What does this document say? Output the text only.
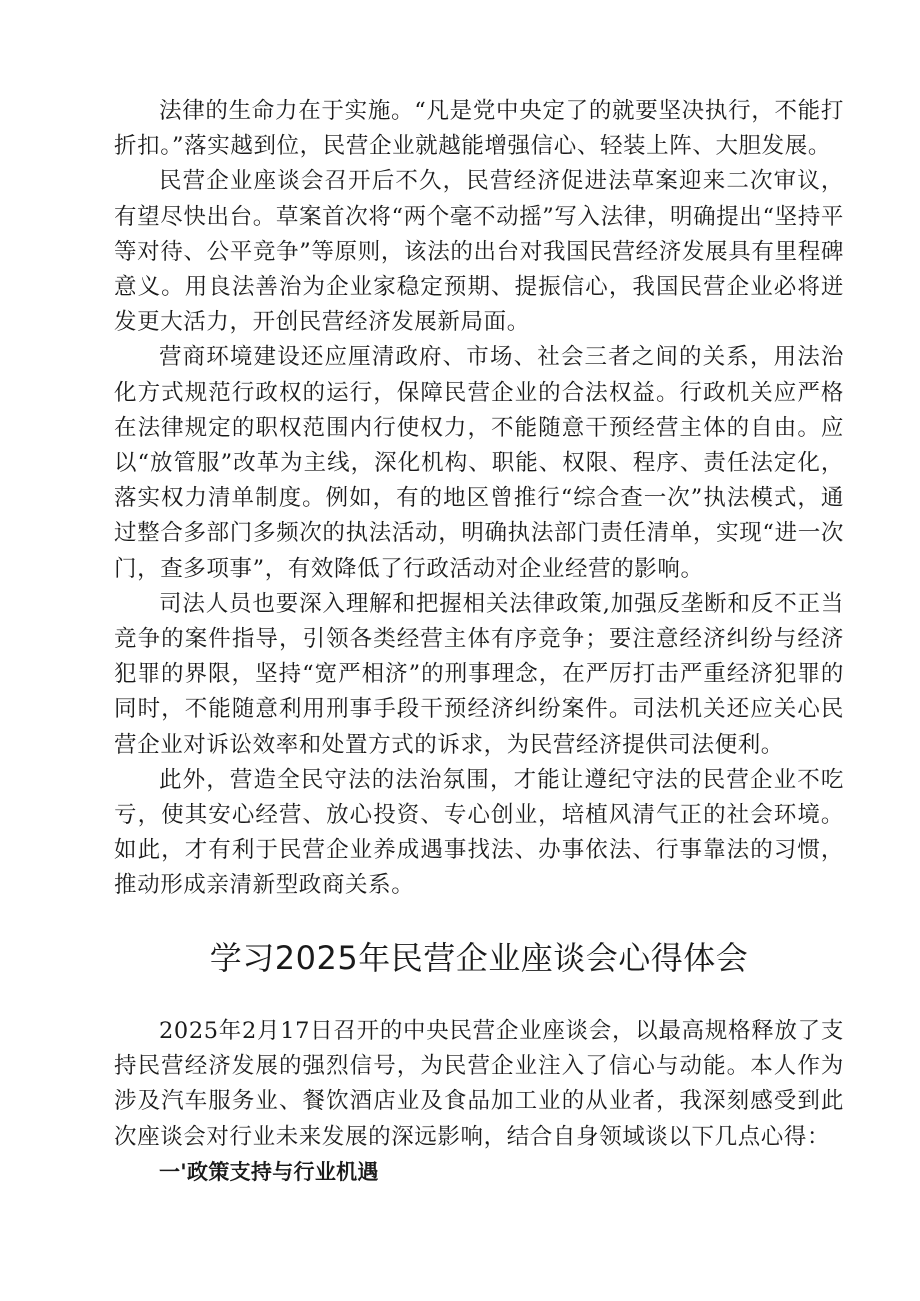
法律的生命力在于实施。“凡是党中央定了的就要坚决执行，不能打折扣。”落实越到位，民营企业就越能增强信心、轻装上阵、大胆发展。

民营企业座谈会召开后不久，民营经济促进法草案迎来二次审议，有望尽快出台。草案首次将“两个毫不动摇”写入法律，明确提出“坚持平等对待、公平竞争”等原则，该法的出台对我国民营经济发展具有里程碑意义。用良法善治为企业家稳定预期、提振信心，我国民营企业必将迸发更大活力，开创民营经济发展新局面。

营商环境建设还应厘清政府、市场、社会三者之间的关系，用法治化方式规范行政权的运行，保障民营企业的合法权益。行政机关应严格在法律规定的职权范围内行使权力，不能随意干预经营主体的自由。应以“放管服”改革为主线，深化机构、职能、权限、程序、责任法定化，落实权力清单制度。例如，有的地区曾推行“综合查一次”执法模式，通过整合多部门多频次的执法活动，明确执法部门责任清单，实现“进一次门，查多项事”，有效降低了行政活动对企业经营的影响。

司法人员也要深入理解和把握相关法律政策,加强反垄断和反不正当竞争的案件指导，引领各类经营主体有序竞争；要注意经济纠纷与经济犯罪的界限，坚持“宽严相济”的刑事理念，在严厉打击严重经济犯罪的同时，不能随意利用刑事手段干预经济纠纷案件。司法机关还应关心民营企业对诉讼效率和处置方式的诉求，为民营经济提供司法便利。

此外，营造全民守法的法治氛围，才能让遵纪守法的民营企业不吃亏，使其安心经营、放心投资、专心创业，培植风清气正的社会环境。如此，才有利于民营企业养成遇事找法、办事依法、行事靠法的习惯，推动形成亲清新型政商关系。

学习2025年民营企业座谈会心得体会

2025年2月17日召开的中央民营企业座谈会，以最高规格释放了支持民营经济发展的强烈信号，为民营企业注入了信心与动能。本人作为涉及汽车服务业、餐饮酒店业及食品加工业的从业者，我深刻感受到此次座谈会对行业未来发展的深远影响，结合自身领域谈以下几点心得：

一'政策支持与行业机遇
